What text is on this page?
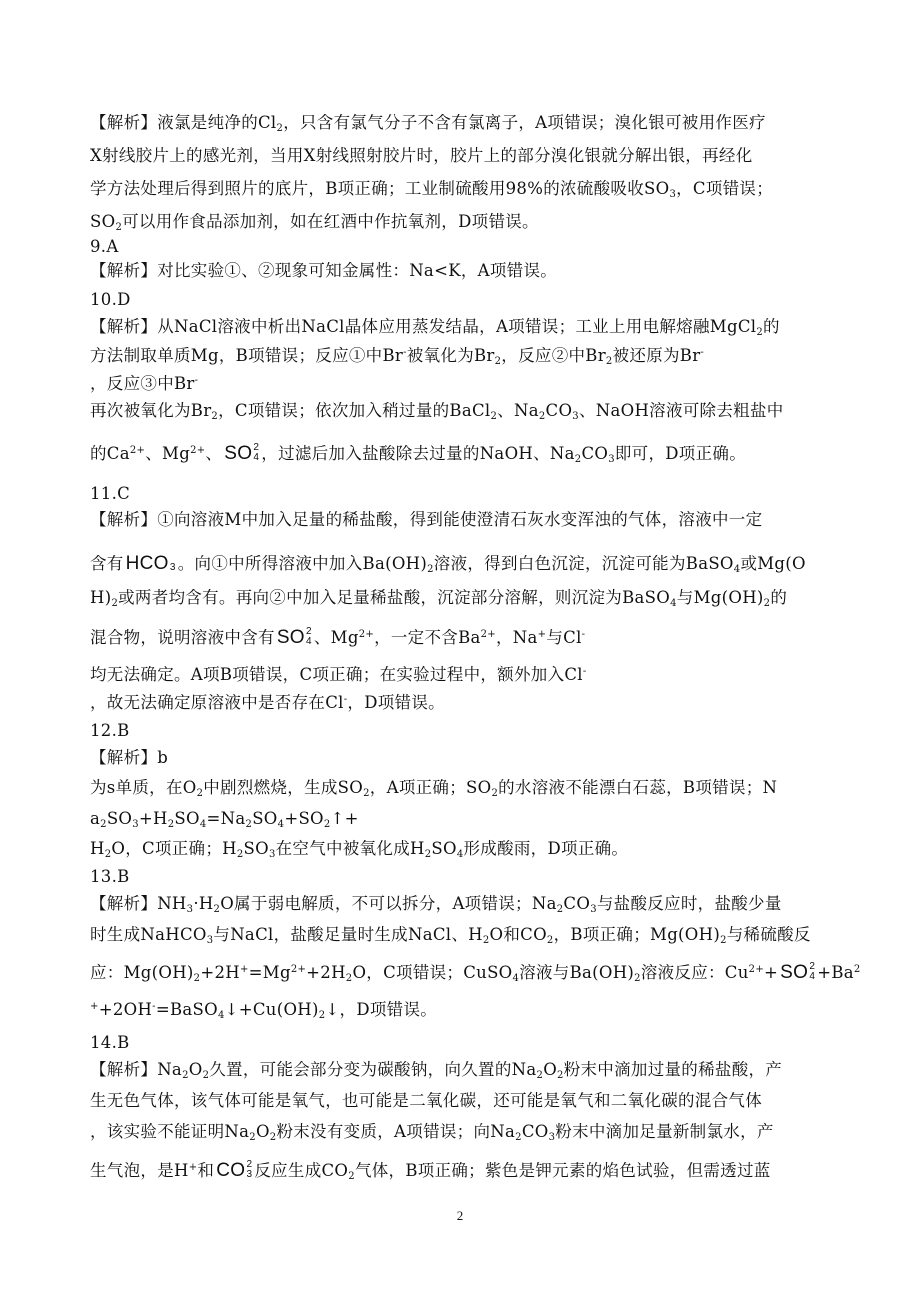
【解析】液氯是纯净的$Cl_2$，只含有氯气分子不含有氯离子，A项错误；溴化银可被用作医疗
X射线胶片上的感光剂，当用X射线照射胶片时，胶片上的部分溴化银就分解出银，再经化
学方法处理后得到照片的底片，B项正确；工业制硫酸用98%的浓硫酸吸收$SO_3$，C项错误；
$SO_2$可以用作食品添加剂，如在红酒中作抗氧剂，D项错误。
9.A
【解析】对比实验①、②现象可知金属性：Na<K，A项错误。
10.D
【解析】从NaCl溶液中析出NaCl晶体应用蒸发结晶，A项错误；工业上用电解熔融MgCl$_2$的
方法制取单质Mg，B项错误；反应①中Br-被氧化为$Br_2$，反应②中$Br_2$被还原为Br-
，反应③中Br-
再次被氧化为$Br_2$，C项错误；依次加入稍过量的BaCl$_2$、$Na_2CO_3$、NaOH溶液可除去粗盐中
的$Ca^{2+}$、$Mg^{2+}$、 SO 2
4 ，过滤后加入盐酸除去过量的NaOH、$Na_2CO_3$即可，D项正确。
11.C
【解析】①向溶液M中加入足量的稀盐酸，得到能使澄清石灰水变浑浊的气体，溶液中一定
含有 HCO 3 。向①中所得溶液中加入$Ba(OH)_2$溶液，得到白色沉淀，沉淀可能为BaSO$_4$或Mg(O
$H)_2$或两者均含有。再向②中加入足量稀盐酸，沉淀部分溶解，则沉淀为BaSO$_4$与$Mg(OH)_2$的
混合物，说明溶液中含有 SO 2
4 、$Mg^{2+}$，一定不含$Ba^{2+}$，Na+与Cl-
均无法确定。A项B项错误，C项正确；在实验过程中，额外加入Cl-
，故无法确定原溶液中是否存在Cl-，D项错误。
12.B
【解析】b
为s单质，在$O_2$中剧烈燃烧，生成$SO_2$，A项正确；$SO_2$的水溶液不能漂白石蕊，B项错误；N
$a_2SO_3+H_2SO_4=Na_2SO_4+SO_2↑+$
$H_2O$，C项正确；$H_2SO_3$在空气中被氧化成$H_2SO_4$形成酸雨，D项正确。
13.B
【解析】$NH_3\cdot H_2O$属于弱电解质，不可以拆分，A项错误；$Na_2CO_3$与盐酸反应时，盐酸少量
时生成NaHCO$_3$与NaCl，盐酸足量时生成NaCl、$H_2O$和$CO_2$，B项正确；$Mg(OH)_2$与稀硫酸反
应：$Mg(OH)_2+2H^+=Mg^{2+}+2H_2O$，C项错误；CuSO$_4$溶液与$Ba(OH)_2$溶液反应：$Cu^{2+}+$ SO 2
$4 +Ba^2$
$^++2OH^-=BaSO_4↓+Cu(OH)_2↓$，D项错误。
14.B
【解析】$Na_2O_2$久置，可能会部分变为碳酸钠，向久置的$Na_2O_2$粉末中滴加过量的稀盐酸，产
生无色气体，该气体可能是氧气，也可能是二氧化碳，还可能是氧气和二氧化碳的混合气体
，该实验不能证明$Na_2O_2$粉末没有变质，A项错误；向$Na_2CO_3$粉末中滴加足量新制氯水，产
生气泡，是H+和 CO 2
3 反应生成$CO_2$气体，B项正确；紫色是钾元素的焰色试验，但需透过蓝
2
